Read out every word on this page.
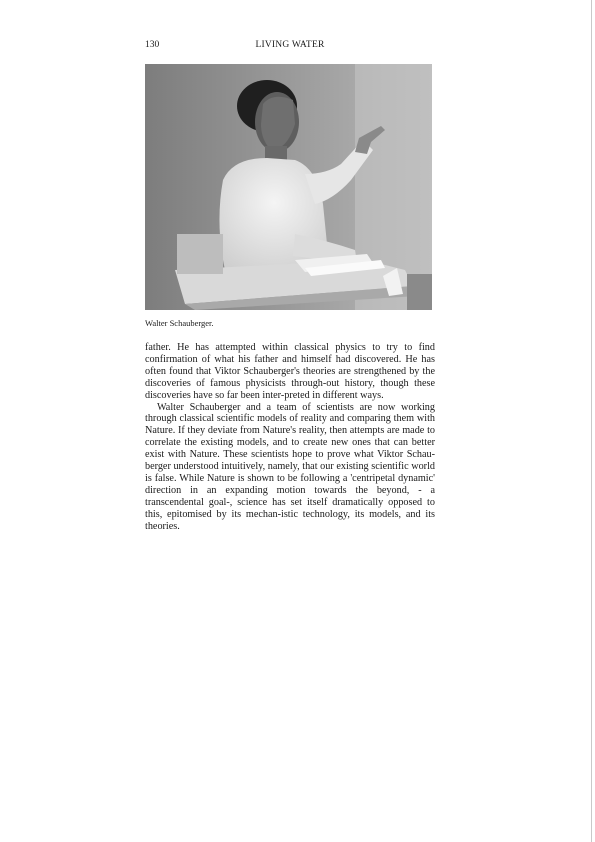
130	LIVING WATER
Walter Schauberger.

father. He has attempted within classical physics to try to find confirmation of what his father and himself had discovered. He has often found that Viktor Schauberger's theories are strengthened by the discoveries of famous physicists through-out history, though these discoveries have so far been inter-preted in different ways.

Walter Schauberger and a team of scientists are now working through classical scientific models of reality and comparing them with Nature. If they deviate from Nature's reality, then attempts are made to correlate the existing models, and to create new ones that can better exist with Nature. These scientists hope to prove what Viktor Schau-berger understood intuitively, namely, that our existing scientific world is false. While Nature is shown to be following a 'centripetal dynamic' direction in an expanding motion towards the beyond, - a transcendental goal-, science has set itself dramatically opposed to this, epitomised by its mechan-istic technology, its models, and its theories.
